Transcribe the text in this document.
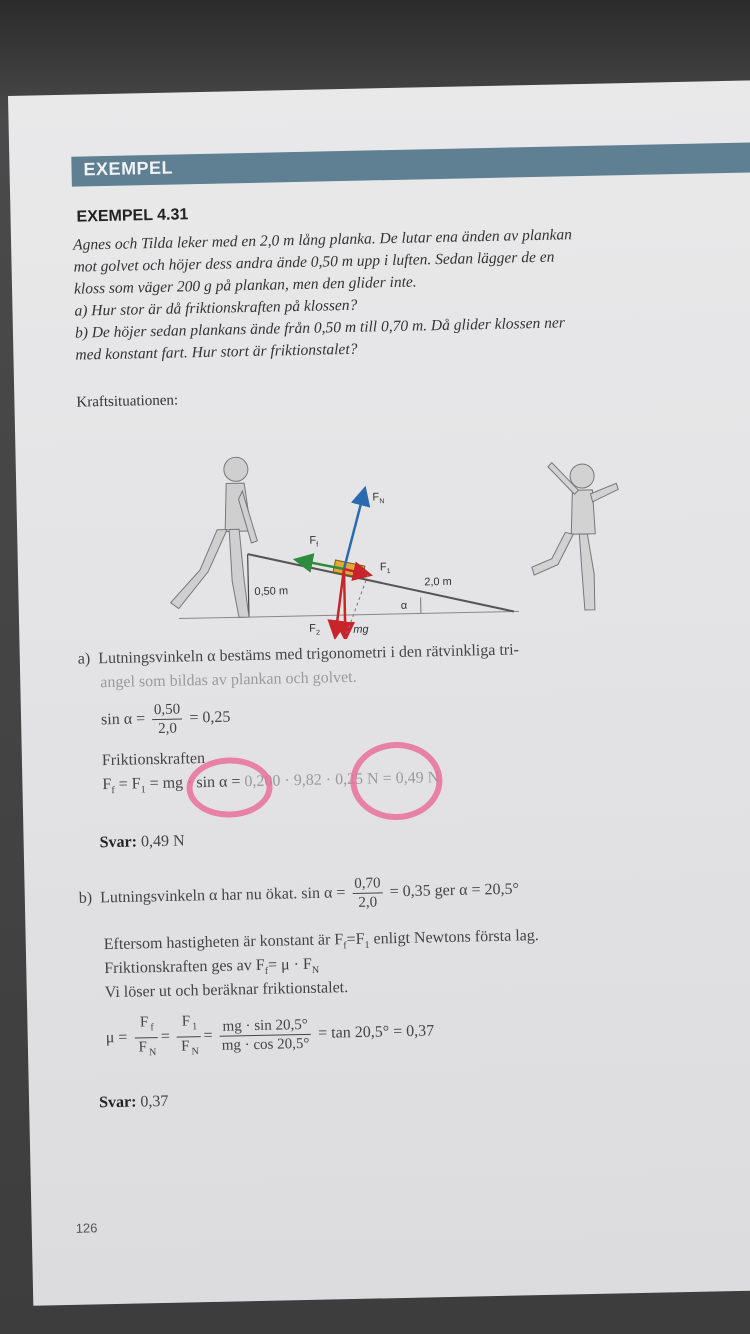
EXEMPEL
EXEMPEL 4.31
Agnes och Tilda leker med en 2,0 m lång planka. De lutar ena änden av plankan
mot golvet och höjer dess andra ände 0,50 m upp i luften. Sedan lägger de en
kloss som väger 200 g på plankan, men den glider inte.
a) Hur stor är då friktionskraften på klossen?
b) De höjer sedan plankans ände från 0,50 m till 0,70 m. Då glider klossen ner
med konstant fart. Hur stort är friktionstalet?
Kraftsituationen:
0,50 m
2,0 m
α
$F_N$
$F_f$
$F_1$
$F_2$	mg
a) Lutningsvinkeln α bestäms med trigonometri i den rätvinkliga tri-
angel som bildas av plankan och golvet.
$\sin \alpha = \frac{0,50}{2,0} = 0,25$
Friktionskraften
$F_f = F_1$ = mg · sin α = 0,200 · 9,82 · 0,25 N = 0,49 N
Svar: 0,49 N
b) Lutningsvinkeln α har nu ökat. $\sin \alpha = \frac{0,70}{2,0} = 0,35$ ger α = 20,5°
Eftersom hastigheten är konstant är $F_f=F_1$ enligt Newtons första lag.
Friktionskraften ges av $F_f= \mu \cdot F_N$
Vi löser ut och beräknar friktionstalet.
$\mu = \frac{F _f}{F _N} = \frac{F _1}{F _N} = \frac{mg \cdot \sin 20,5^\circ}{mg \cdot \cos 20,5^\circ} = \tan 20,5^\circ = 0,37$
Svar: 0,37
126
